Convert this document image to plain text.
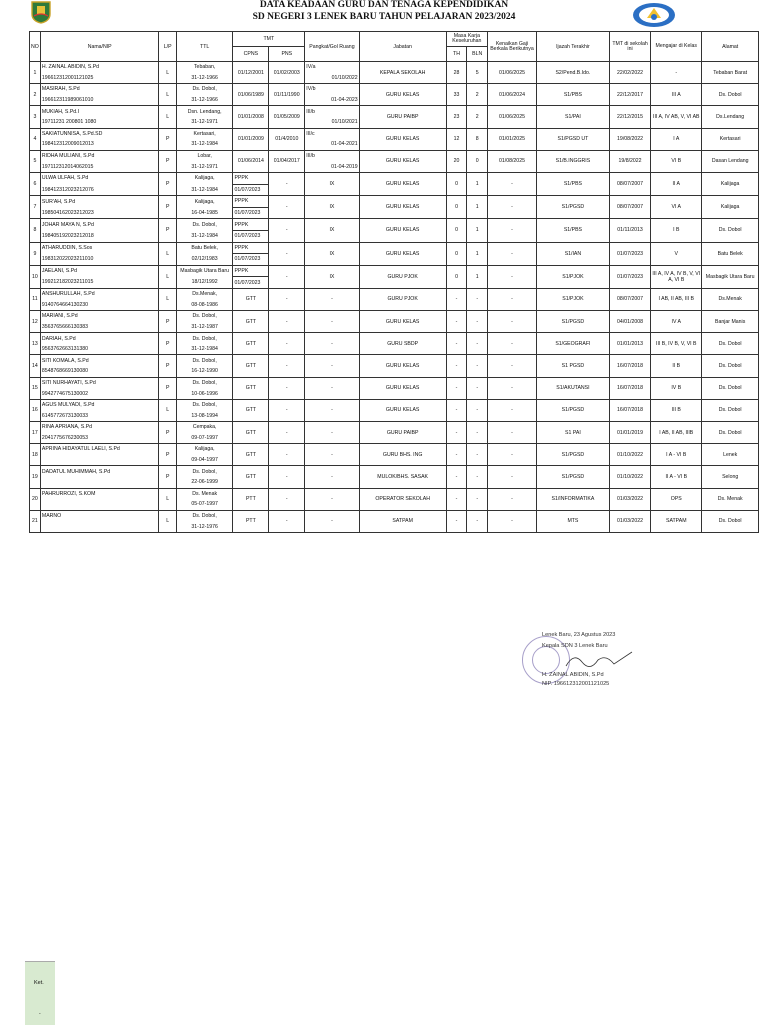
DATA KEADAAN GURU DAN TENAGA KEPENDIDIKAN
SD NEGERI 3 LENEK BARU TAHUN PELAJARAN 2023/2024
NO	Nama/NIP	L/P	TTL	TMT		Pangkat/Gol Ruang	Jabatan	Masa Karja Keseluruhan		Kenaikan Gaji Berkala Berikutnya	Ijazah Terakhir	TMT di sekolah ini	Mengajar di Kelas	Alamat
				CPNS	PNS			TH	BLN					
1	H. ZAINAL ABIDIN, S.Pd	L	Tebaban,	01/12/2001	01/02/2003	IV/a	KEPALA SEKOLAH	28	5	01/06/2025	S2/Pend.B.Ido.	22/02/2022	-	Tebaban Barat
	196612312001121025		31-12-1966			01/10/2022								
2	MASIRAH, S.Pd	L	Ds. Dobol,	01/06/1989	01/11/1990	IV/b	GURU KELAS	33	2	01/06/2024	S1/PBS	22/12/2017	III A	Ds. Dobol
	196612311989061010		31-12-1966			01-04-2023								
3	MUKIAH, S.Pd.I	L	Dsn. Lendang,	01/01/2008	01/05/2009	III/b	GURU PAIBP	23	2	01/06/2025	S1/PAI	22/12/2015	III A, IV AB, V, VI AB	Ds.Lendang
	19711231 200801 1080		31-12-1971			01/10/2021								
4	SAKIATUNNISA, S.Pd.SD	P	Kertasari,	01/01/2009	01/4/2010	III/c	GURU KELAS	12	8	01/01/2025	S1/PGSD UT	19/08/2022	I A	Kertasari
	198412312009012013		31-12-1984			01-04-2021								
5	RIDHA MULIANI, S.Pd	P	Lobar,	01/06/2014	01/04/2017	III/b	GURU KELAS	20	0	01/08/2025	S1/B.INGGRIS	19/8/2022	VI B	Dasan Lendang
	197112312014062015		31-12-1971			01-04-2019								
6	ULWA ULFAH, S.Pd	P	Kalijaga,	PPPK	-	IX	GURU KELAS	0	1	-	S1/PBS	08/07/2007	II A	Kalijaga
	198412312023212076		31-12-1984	01/07/2023										
7	SUR'AH, S.Pd	P	Kalijaga,	PPPK	-	IX	GURU KELAS	0	1	-	S1/PGSD	08/07/2007	VI A	Kalijaga
	198504162023212023		16-04-1985	01/07/2023										
8	JOHAR MAYA N, S.Pd	P	Ds. Dobol,	PPPK	-	IX	GURU KELAS	0	1	-	S1/PBS	01/11/2013	I B	Ds. Dobol
	198405192023212018		31-12-1984	01/07/2023										
9	ATHARUDDIN, S.Sos	L	Batu Belek,	PPPK	-	IX	GURU KELAS	0	1	-	S1/IAN	01/07/2023	V	Batu Belek
	198312022023211010		02/12/1983	01/07/2023										
10	JAELANI, S.Pd	L	Masbagik Utara Baru	PPPK	-	IX	GURU PJOK	0	1	-	S1/PJOK	01/07/2023	III A, IV A, IV B, V, VI A, VI B	Masbagik Utara Baru
	199212182023211015		18/12/1992	01/07/2023										
11	ANSHURULLAH, S.Pd	L	Ds.Menak,	GTT	-	-	GURU PJOK	-	-	-	S1/PJOK	08/07/2007	I AB, II AB, III B	Ds.Menak
	9140764664130230		08-08-1986											
12	MARIANI, S.Pd	P	Ds. Dobol,	GTT	-	-	GURU KELAS	-	-	-	S1/PGSD	04/01/2008	IV A	Banjar Manis
	3563765666130383		31-12-1987											
13	DARIAH, S.Pd	P	Ds. Dobol,	GTT	-	-	GURU SBDP	-	-	-	S1/GEOGRAFI	01/01/2013	III B, IV B, V, VI B	Ds. Dobol
	9563762663131380		31-12-1984											
14	SITI KOMALA, S.Pd	P	Ds. Dobol,	GTT	-	-	GURU KELAS	-	-	-	S1 PGSD	16/07/2018	II B	Ds. Dobol
	8548768669130080		16-12-1990											
15	SITI NURHAYATI, S.Pd	P	Ds. Dobol,	GTT	-	-	GURU KELAS	-	-	-	S1/AKUTANSI	16/07/2018	IV B	Ds. Dobol
	9942774675130002		10-06-1996											
16	AGUS MULYADI, S.Pd	L	Ds. Dobol,	GTT	-	-	GURU KELAS	-	-	-	S1/PGSD	16/07/2018	III B	Ds. Dobol
	6145772673130033		13-08-1994											
17	RINA APRIANA, S.Pd	P	Cempaka,	GTT	-	-	GURU PAIBP	-	-	-	S1 PAI	01/01/2019	I AB, II AB, IIIB	Ds. Dobol
	2041775676230053		09-07-1997											
18	APRINA HIDAYATUL LAELI, S.Pd	P	Kalijaga,	GTT	-	-	GURU BHS. ING	-	-	-	S1/PGSD	01/10/2022	I A - VI B	Lenek
			09-04-1997											
19	DADATUL MUHIMMAH, S.Pd	P	Ds. Dobol,	GTT	-	-	MULOK/BHS. SASAK	-	-	-	S1/PGSD	01/10/2022	II A - VI B	Selong
			22-06-1999											
20	PAHRURROZI, S.KOM	L	Ds. Menak	PTT	-	-	OPERATOR SEKOLAH	-	-	-	S1/INFORMATIKA	01/03/2022	OPS	Ds. Menak
			05-07-1997											
21	MARNO	L	Ds. Dobol,	PTT	-	-	SATPAM	-	-	-	MTS	01/03/2022	SATPAM	Ds. Dobol
			31-12-1976											
Lenek Baru, 23 Agustus 2023
Kepala SDN 3 Lenek Baru
H. ZAINAL ABIDIN, S.Pd
NIP. 196612312001121025
Ket.
-
